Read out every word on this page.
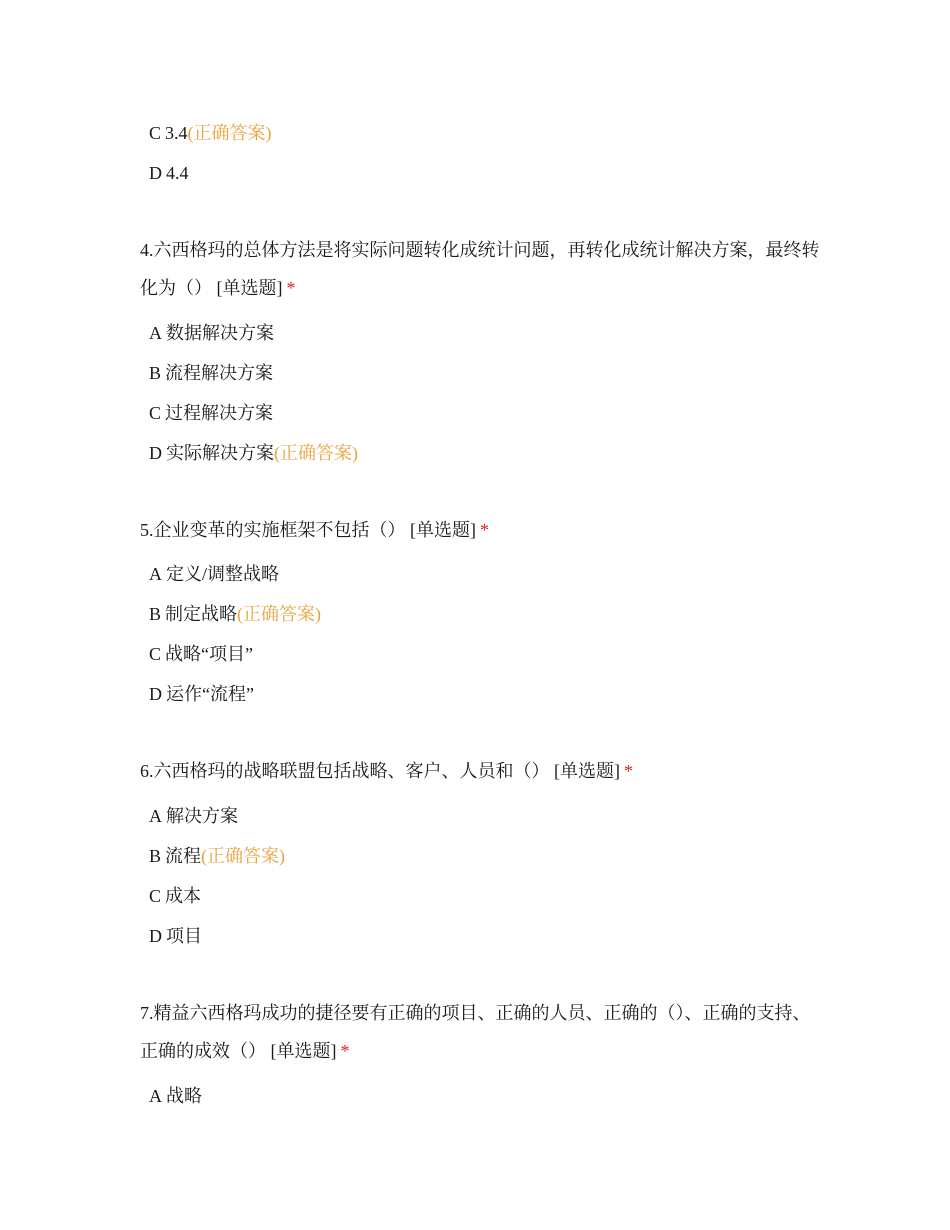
C 3.4(正确答案)
D 4.4

4.六西格玛的总体方法是将实际问题转化成统计问题，再转化成统计解决方案，最终转化为（） [单选题] *

A 数据解决方案
B 流程解决方案
C 过程解决方案
D 实际解决方案(正确答案)

5.企业变革的实施框架不包括（） [单选题] *

A 定义/调整战略
B 制定战略(正确答案)
C 战略“项目”
D 运作“流程”

6.六西格玛的战略联盟包括战略、客户、人员和（） [单选题] *

A 解决方案
B 流程(正确答案)
C 成本
D 项目

7.精益六西格玛成功的捷径要有正确的项目、正确的人员、正确的（）、正确的支持、正确的成效（） [单选题] *

A 战略
